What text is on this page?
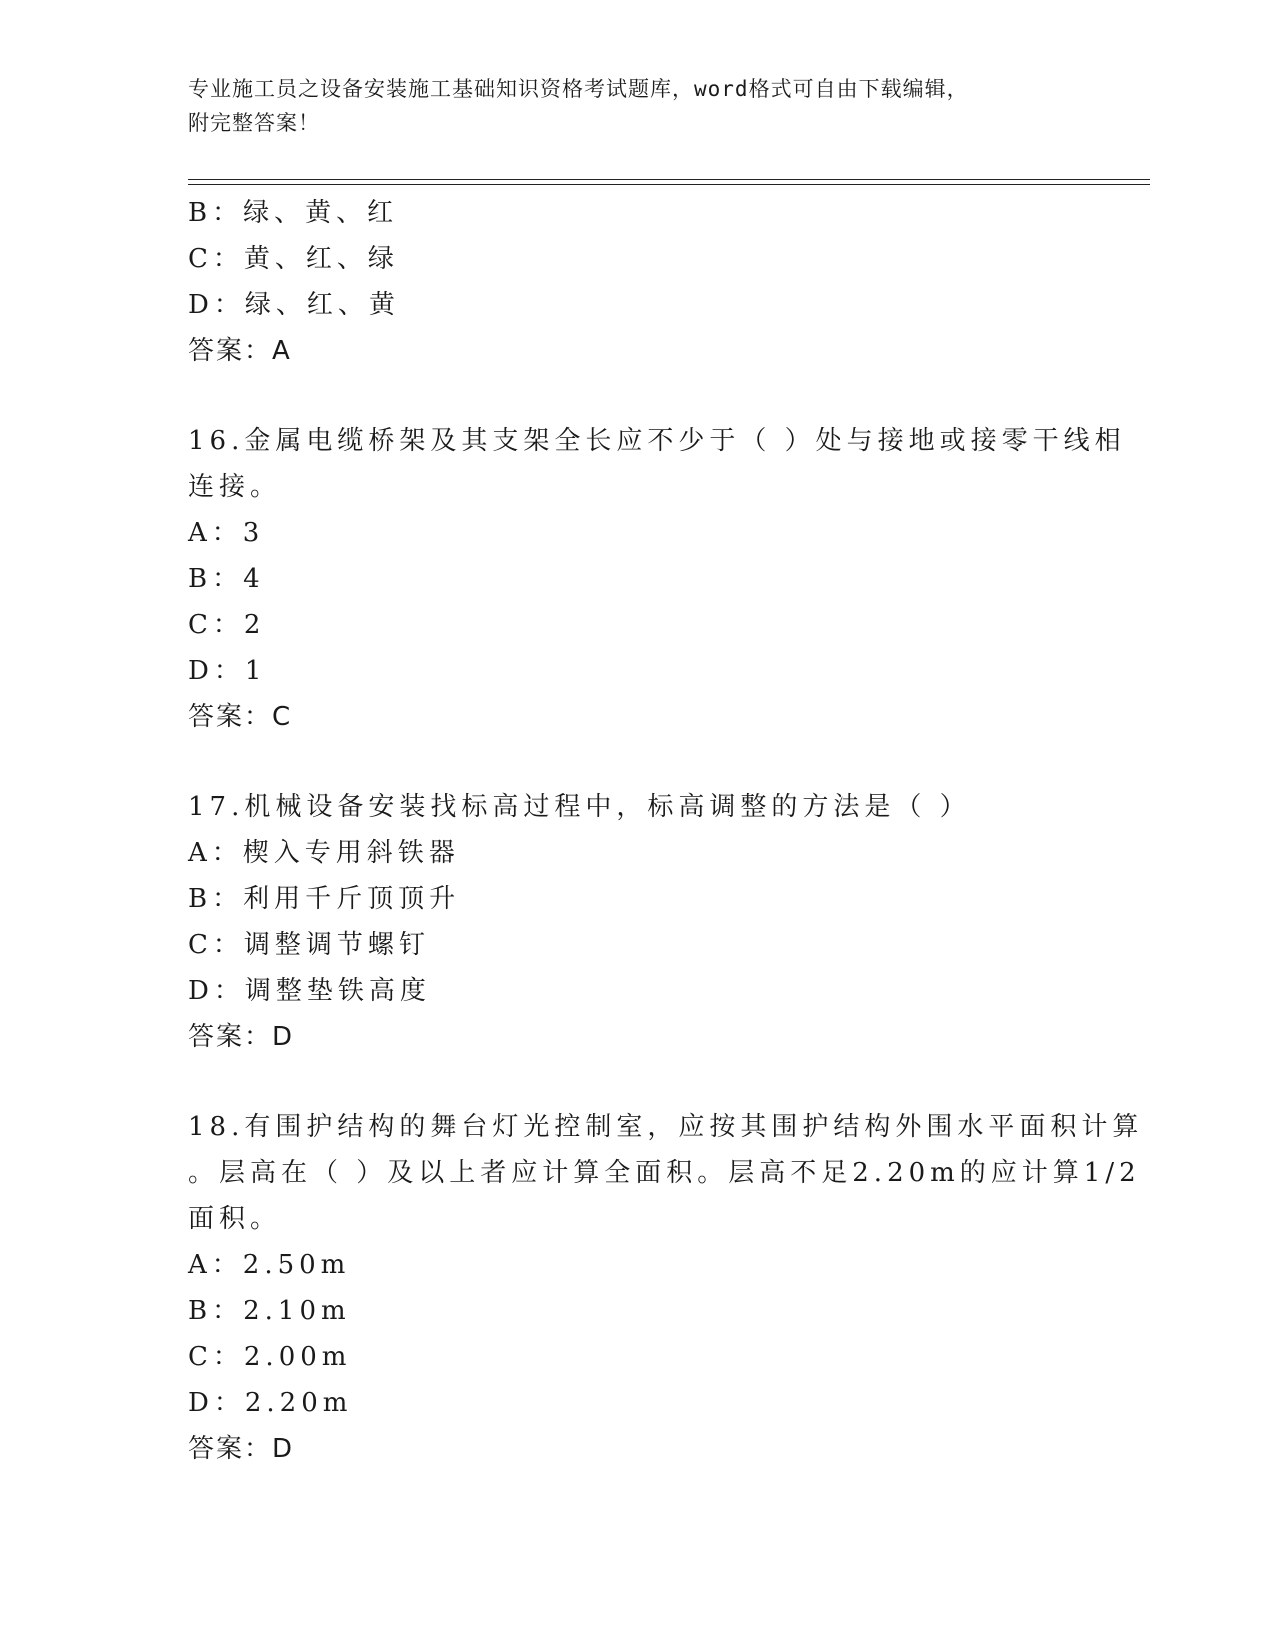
专业施工员之设备安装施工基础知识资格考试题库，word格式可自由下载编辑，
附完整答案！
B：绿、黄、红
C：黄、红、绿
D：绿、红、黄
答案：A
16.金属电缆桥架及其支架全长应不少于（ ）处与接地或接零干线相
连接。
A：3
B：4
C：2
D：1
答案：C
17.机械设备安装找标高过程中，标高调整的方法是（ ）
A：楔入专用斜铁器
B：利用千斤顶顶升
C：调整调节螺钉
D：调整垫铁高度
答案：D
18.有围护结构的舞台灯光控制室，应按其围护结构外围水平面积计算
。层高在（ ）及以上者应计算全面积。层高不足2.20m的应计算1/2
面积。
A：2.50m
B：2.10m
C：2.00m
D：2.20m
答案：D
